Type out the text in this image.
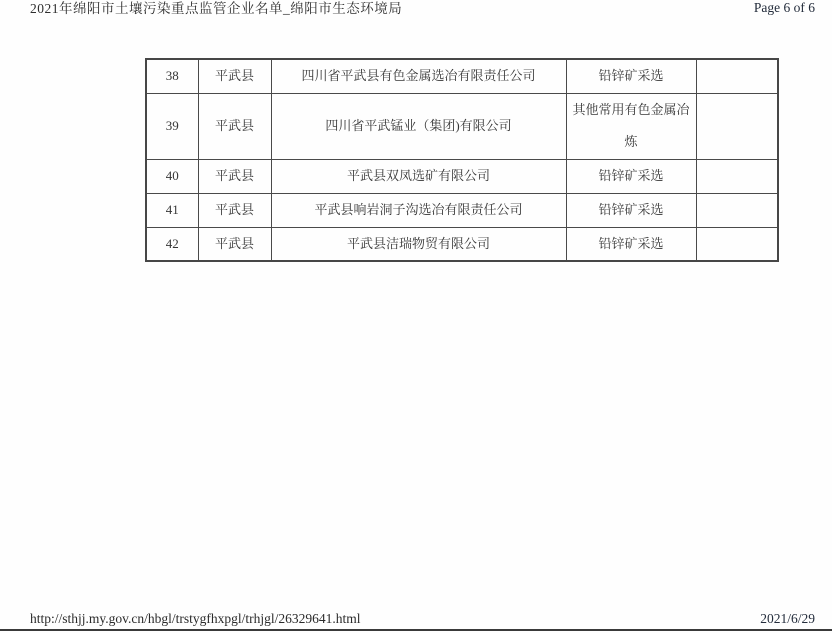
2021年绵阳市土壤污染重点监管企业名单_绵阳市生态环境局	Page 6 of 6
38	平武县	四川省平武县有色金属选冶有限责任公司	铅锌矿采选	
39	平武县	四川省平武锰业（集团)有限公司	其他常用有色金属冶炼	
40	平武县	平武县双凤选矿有限公司	铅锌矿采选	
41	平武县	平武县响岩洞子沟选冶有限责任公司	铅锌矿采选	
42	平武县	平武县洁瑞物贸有限公司	铅锌矿采选	
http://sthjj.my.gov.cn/hbgl/trstygfhxpgl/trhjgl/26329641.html	2021/6/29
